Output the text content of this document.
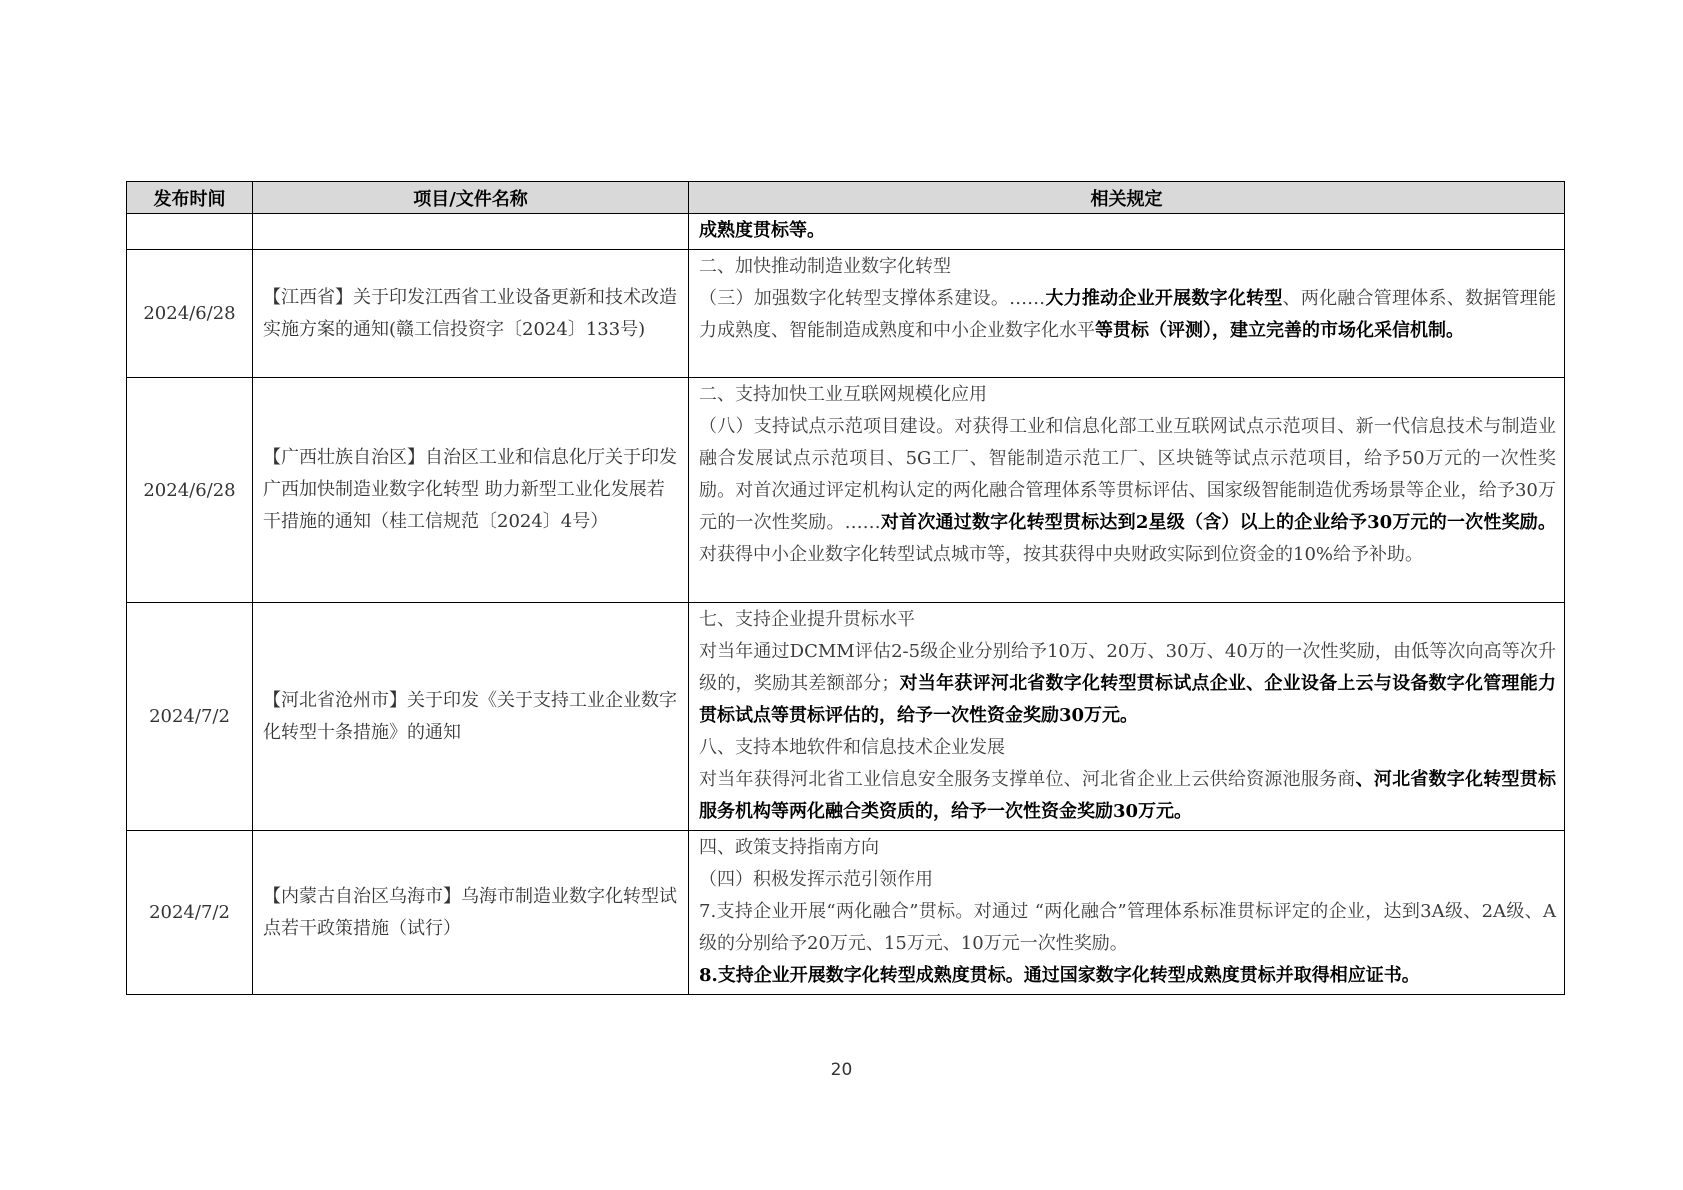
发布时间	项目/文件名称	相关规定

		成熟度贯标等。

2024/6/28	【江西省】关于印发江西省工业设备更新和技术改造实施方案的通知(赣工信投资字〔2024〕133号)	二、加快推动制造业数字化转型

（三）加强数字化转型支撑体系建设。……大力推动企业开展数字化转型、两化融合管理体系、数据管理能力成熟度、智能制造成熟度和中小企业数字化水平等贯标（评测），建立完善的市场化采信机制。

2024/6/28	【广西壮族自治区】自治区工业和信息化厅关于印发广西加快制造业数字化转型 助力新型工业化发展若干措施的通知（桂工信规范〔2024〕4号）	二、支持加快工业互联网规模化应用

（八）支持试点示范项目建设。对获得工业和信息化部工业互联网试点示范项目、新一代信息技术与制造业融合发展试点示范项目、5G工厂、智能制造示范工厂、区块链等试点示范项目，给予50万元的一次性奖励。对首次通过评定机构认定的两化融合管理体系等贯标评估、国家级智能制造优秀场景等企业，给予30万元的一次性奖励。……对首次通过数字化转型贯标达到2星级（含）以上的企业给予30万元的一次性奖励。对获得中小企业数字化转型试点城市等，按其获得中央财政实际到位资金的10%给予补助。

2024/7/2	【河北省沧州市】关于印发《关于支持工业企业数字化转型十条措施》的通知	七、支持企业提升贯标水平

对当年通过DCMM评估2-5级企业分别给予10万、20万、30万、40万的一次性奖励，由低等次向高等次升级的，奖励其差额部分；对当年获评河北省数字化转型贯标试点企业、企业设备上云与设备数字化管理能力贯标试点等贯标评估的，给予一次性资金奖励30万元。

八、支持本地软件和信息技术企业发展

对当年获得河北省工业信息安全服务支撑单位、河北省企业上云供给资源池服务商、河北省数字化转型贯标服务机构等两化融合类资质的，给予一次性资金奖励30万元。

2024/7/2	【内蒙古自治区乌海市】乌海市制造业数字化转型试点若干政策措施（试行）	四、政策支持指南方向

（四）积极发挥示范引领作用

7.支持企业开展“两化融合”贯标。对通过 “两化融合”管理体系标准贯标评定的企业，达到3A级、2A级、A级的分别给予20万元、15万元、10万元一次性奖励。

8.支持企业开展数字化转型成熟度贯标。通过国家数字化转型成熟度贯标并取得相应证书。

20
